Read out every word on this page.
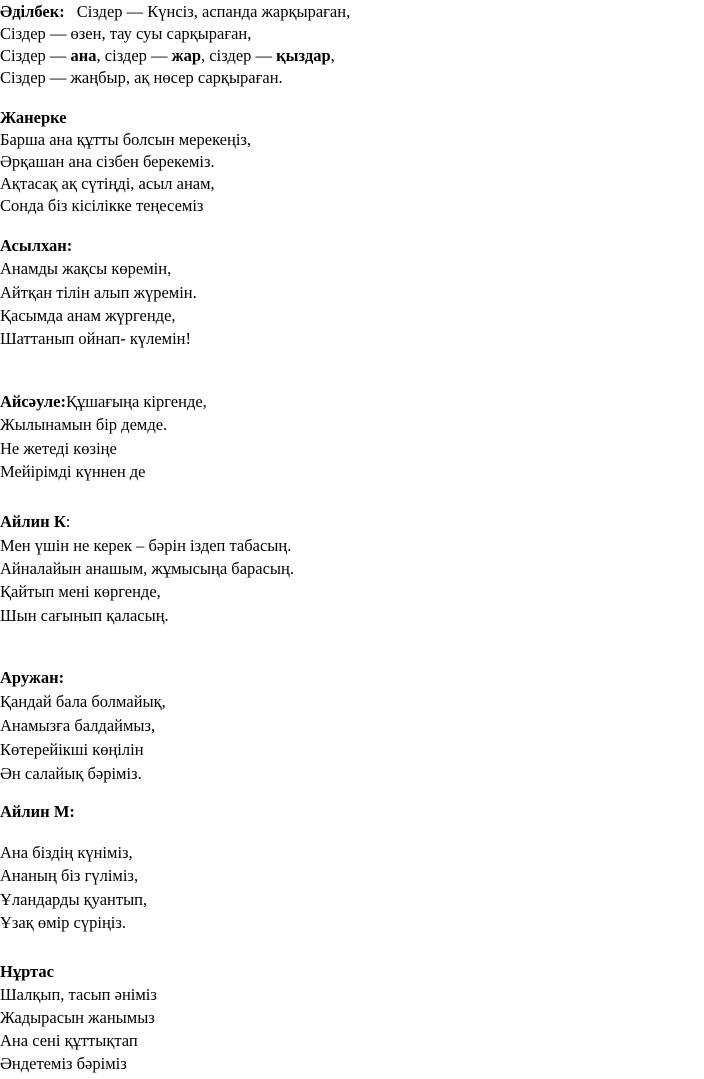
Әділбек: Сіздер — Күнсіз, аспанда жарқыраған,
Сіздер — өзен, тау суы сарқыраған,
Сіздер — ана, сіздер — жар, сіздер — қыздар,
Сіздер — жаңбыр, ақ нөсер сарқыраған.
Жанерке
Барша ана құтты болсын мерекеңіз,
Әрқашан ана сізбен берекеміз.
Ақтасақ ақ сүтіңді, асыл анам,
Сонда біз кісілікке теңесеміз
Асылхан:
Анамды жақсы көремін,
Айтқан тілін алып жүремін.
Қасымда анам жүргенде,
Шаттанып ойнап- күлемін!
Айсәуле:Құшағыңа кіргенде,
Жылынамын бір демде.
Не жетеді көзіңе
Мейірімді күннен де
Айлин К:
Мен үшін не керек – бәрін іздеп табасың.
Айналайын анашым, жұмысыңа барасың.
Қайтып мені көргенде,
Шын сағынып қаласың.
Аружан:
Қандай бала болмайық,
Анамызға балдаймыз,
Көтерейікші көңілін
Ән салайық бәріміз.
Айлин М:
Ана біздің күніміз,
Ананың біз гүліміз,
Ұландарды қуантып,
Ұзақ өмір сүріңіз.
Нұртас
Шалқып, тасып әніміз
Жадырасын жанымыз
Ана сені құттықтап
Әндетеміз бәріміз
